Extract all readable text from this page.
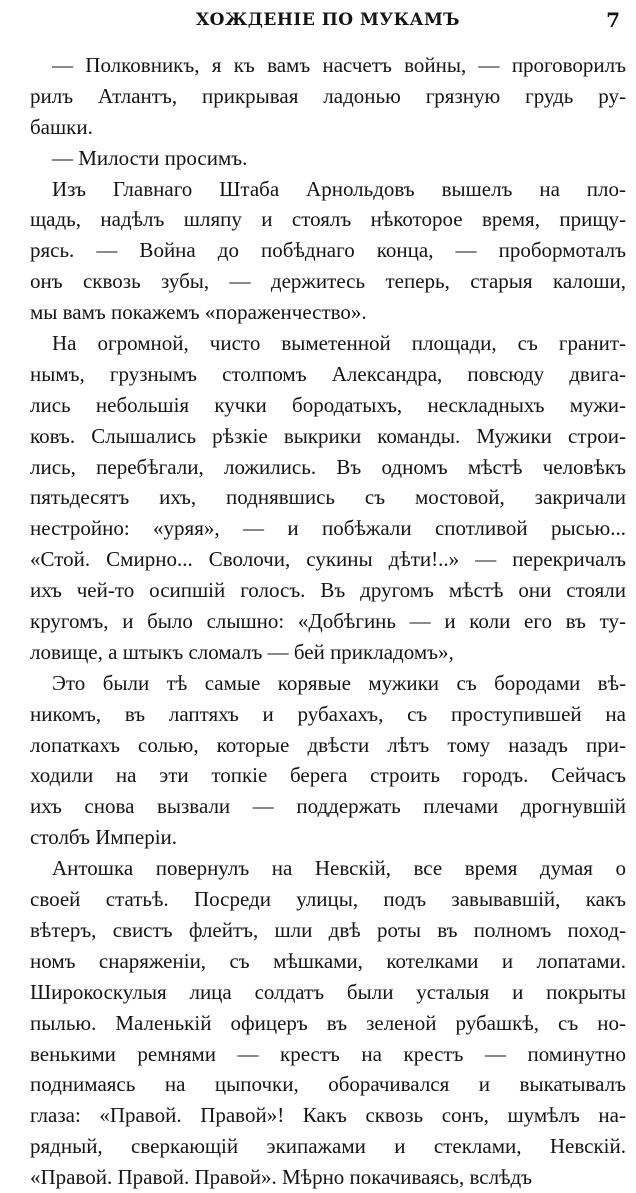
ХОЖДЕНІЕ ПО МУКАМЪ	7
— Полковникъ, я къ вамъ насчетъ войны, — проговорилъ
рилъ Атлантъ, прикрывая ладонью грязную грудь ру-
башки.
— Милости просимъ.
Изъ Главнаго Штаба Арнольдовъ вышелъ на пло-
щадь, надѣлъ шляпу и стоялъ нѣкоторое время, прищу-
рясь. — Война до побѣднаго конца, — пробормоталъ
онъ сквозь зубы, — держитесь теперь, старыя калоши,
мы вамъ покажемъ «пораженчество».
На огромной, чисто выметенной площади, съ гранит-
нымъ, грузнымъ столпомъ Александра, повсюду двига-
лись небольшія кучки бородатыхъ, нескладныхъ мужи-
ковъ. Слышались рѣзкіе выкрики команды. Мужики строи-
лись, перебѣгали, ложились. Въ одномъ мѣстѣ человѣкъ
пятьдесятъ ихъ, поднявшись съ мостовой, закричали
нестройно: «уряя», — и побѣжали спотливой рысью...
«Стой. Смирно... Сволочи, сукины дѣти!..» — перекричалъ
ихъ чей-то осипшій голосъ. Въ другомъ мѣстѣ они стояли
кругомъ, и было слышно: «Добѣгинь — и коли его въ ту-
ловище, а штыкъ сломалъ — бей прикладомъ»,
Это были тѣ самые корявые мужики съ бородами вѣ-
никомъ, въ лаптяхъ и рубахахъ, съ проступившей на
лопаткахъ солью, которые двѣсти лѣтъ тому назадъ при-
ходили на эти топкіе берега строить городъ. Сейчасъ
ихъ снова вызвали — поддержать плечами дрогнувшій
столбъ Имперіи.
Антошка повернулъ на Невскій, все время думая о
своей статьѣ. Посреди улицы, подъ завывавшій, какъ
вѣтеръ, свистъ флейтъ, шли двѣ роты въ полномъ поход-
номъ снаряженіи, съ мѣшками, котелками и лопатами.
Широкоскулыя лица солдатъ были усталыя и покрыты
пылью. Маленькій офицеръ въ зеленой рубашкѣ, съ но-
венькими ремнями — крестъ на крестъ — поминутно
поднимаясь на цыпочки, оборачивался и выкатывалъ
глаза: «Правой. Правой»! Какъ сквозь сонъ, шумѣлъ на-
рядный, сверкающій экипажами и стеклами, Невскій.
«Правой. Правой. Правой». Мѣрно покачиваясь, вслѣдъ
